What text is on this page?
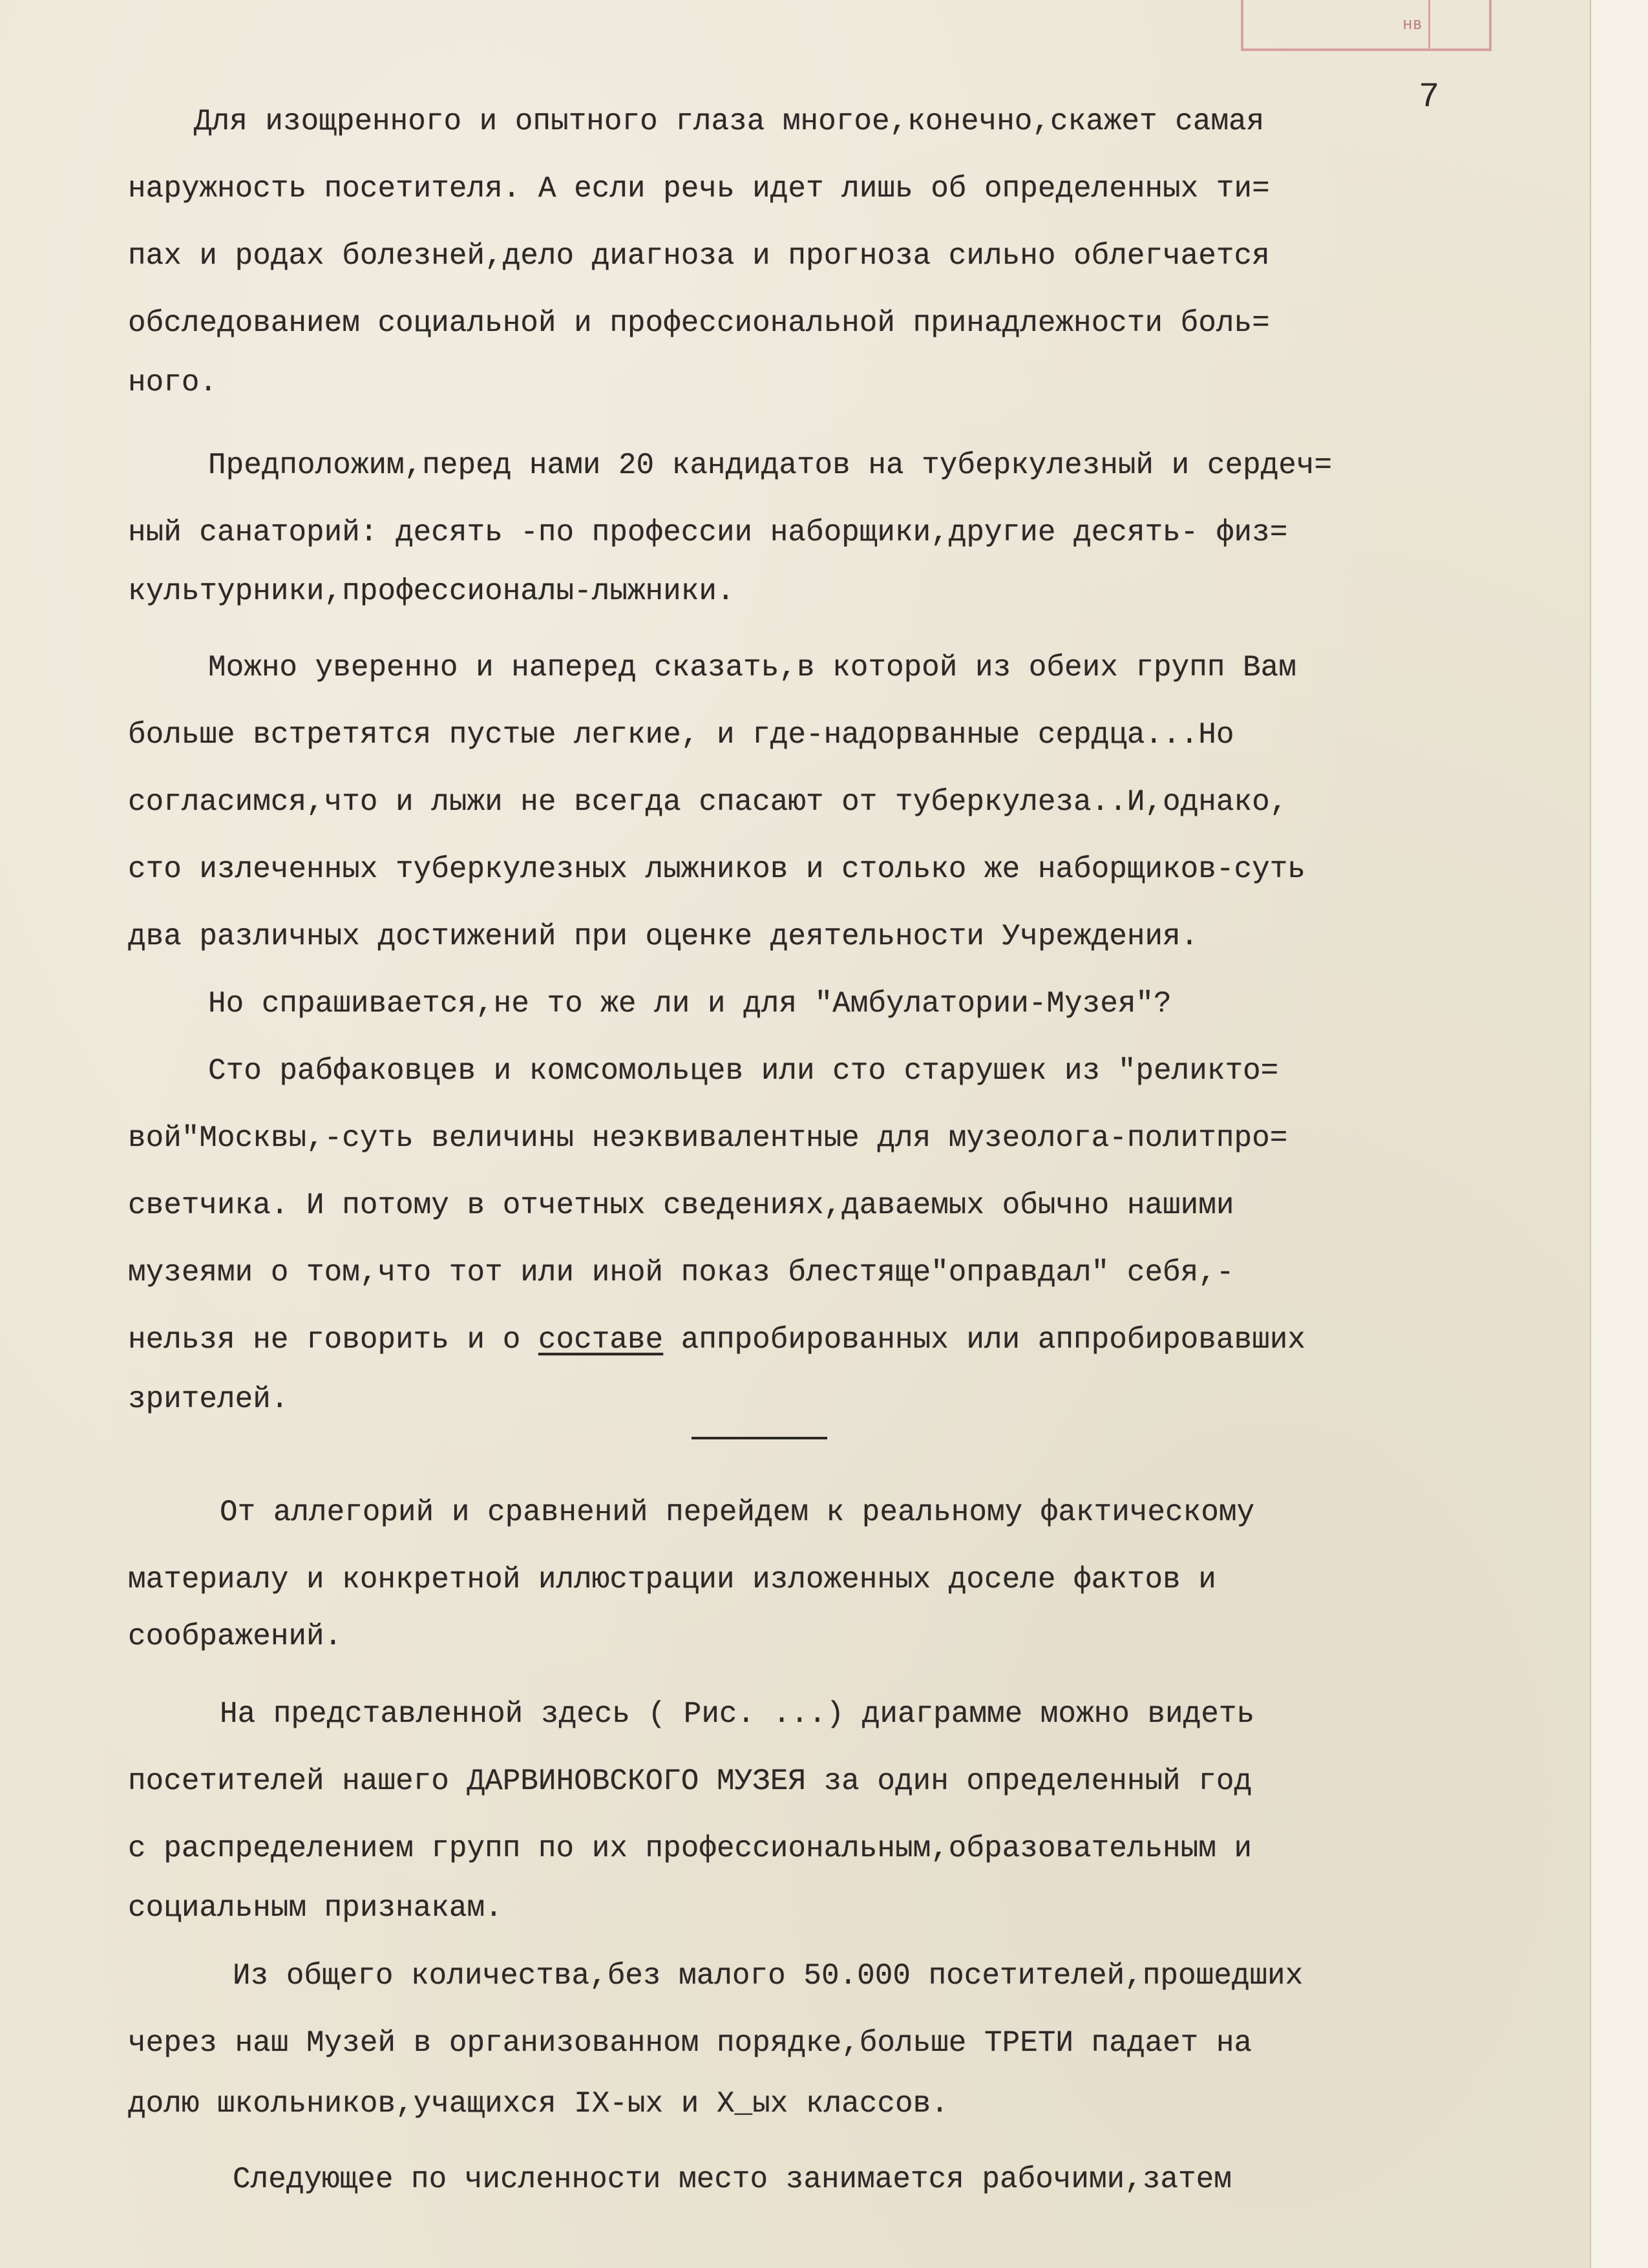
нв
7
Для изощренного и опытного глаза многое,конечно,скажет самая
наружность посетителя. А если речь идет лишь об определенных ти=
пах и родах болезней,дело диагноза и прогноза сильно облегчается
обследованием социальной и профессиональной принадлежности боль=
ного.
Предположим,перед нами 20 кандидатов на туберкулезный и сердеч=
ный санаторий: десять -по профессии наборщики,другие десять- физ=
культурники,профессионалы-лыжники.
Можно уверенно и наперед сказать,в которой из обеих групп Вам
больше встретятся пустые легкие, и где-надорванные сердца...Но
согласимся,что и лыжи не всегда спасают от туберкулеза..И,однако,
сто излеченных туберкулезных лыжников и столько же наборщиков-суть
два различных достижений при оценке деятельности Учреждения.
Но спрашивается,не то же ли и для "Амбулатории-Музея"?
Сто рабфаковцев и комсомольцев или сто старушек из "реликто=
вой"Москвы,-суть величины неэквивалентные для музеолога-политпро=
светчика. И потому в отчетных сведениях,даваемых обычно нашими
музеями о том,что тот или иной показ блестяще"оправдал" себя,-
нельзя не говорить и о составе аппробированных или аппробировавших
зрителей.
От аллегорий и сравнений перейдем к реальному фактическому
материалу и конкретной иллюстрации изложенных доселе фактов и
соображений.
На представленной здесь ( Рис. ...) диаграмме можно видеть
посетителей нашего ДАРВИНОВСКОГО МУЗЕЯ за один определенный год
с распределением групп по их профессиональным,образовательным и
социальным признакам.
Из общего количества,без малого 50.000 посетителей,прошедших
через наш Музей в организованном порядке,больше ТРЕТИ падает на
долю школьников,учащихся IX-ых и X_ых классов.
Следующее по численности место занимается рабочими,затем
